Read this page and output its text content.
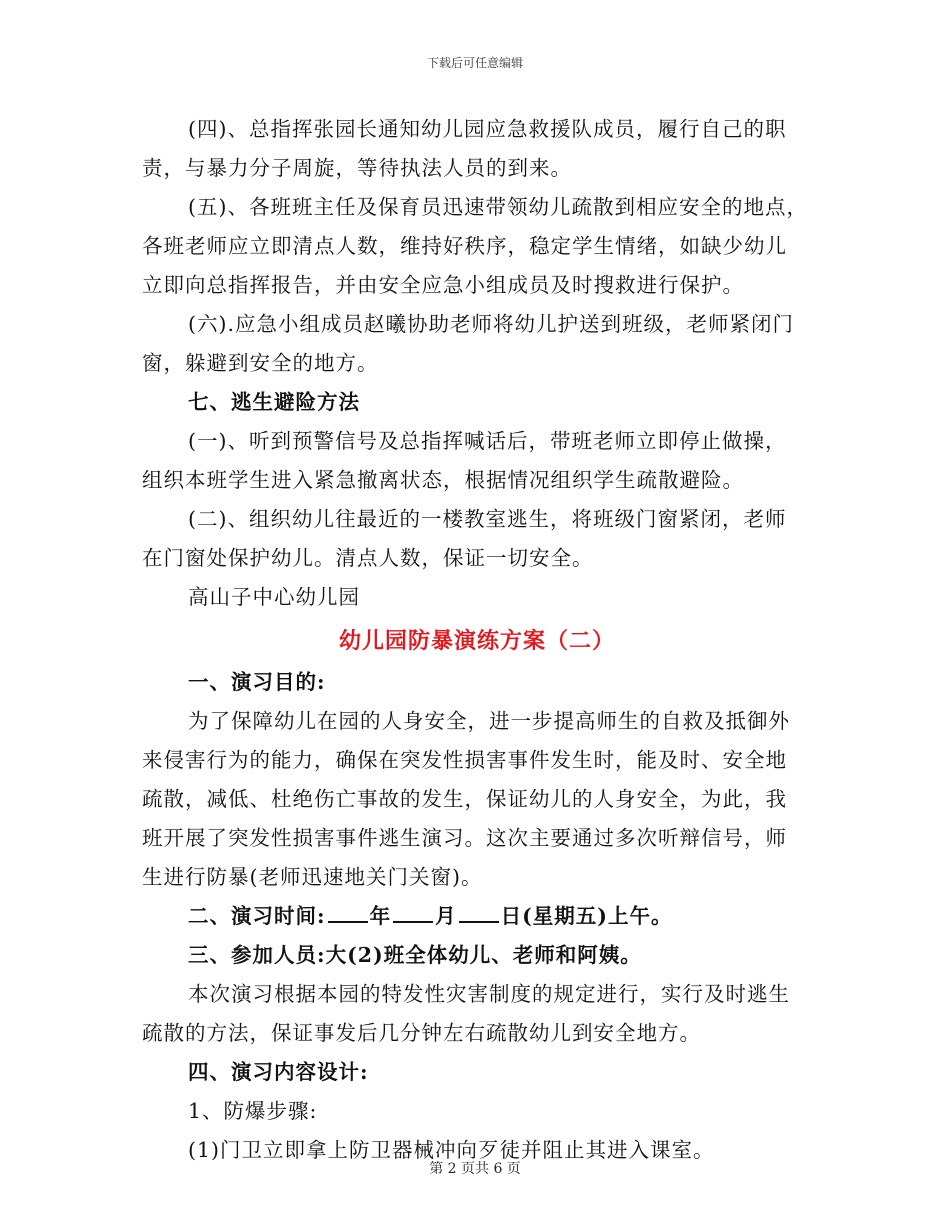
下载后可任意编辑

(四)、总指挥张园长通知幼儿园应急救援队成员，履行自己的职

责，与暴力分子周旋，等待执法人员的到来。

(五)、各班班主任及保育员迅速带领幼儿疏散到相应安全的地点，

各班老师应立即清点人数，维持好秩序，稳定学生情绪，如缺少幼儿

立即向总指挥报告，并由安全应急小组成员及时搜救进行保护。

(六).应急小组成员赵曦协助老师将幼儿护送到班级，老师紧闭门

窗，躲避到安全的地方。

七、逃生避险方法

(一)、听到预警信号及总指挥喊话后，带班老师立即停止做操，

组织本班学生进入紧急撤离状态，根据情况组织学生疏散避险。

(二)、组织幼儿往最近的一楼教室逃生，将班级门窗紧闭，老师

在门窗处保护幼儿。清点人数，保证一切安全。

高山子中心幼儿园

幼儿园防暴演练方案（二）

一、演习目的:

为了保障幼儿在园的人身安全，进一步提高师生的自救及抵御外

来侵害行为的能力，确保在突发性损害事件发生时，能及时、安全地

疏散，减低、杜绝伤亡事故的发生，保证幼儿的人身安全，为此，我

班开展了突发性损害事件逃生演习。这次主要通过多次听辩信号，师

生进行防暴(老师迅速地关门关窗)。

二、演习时间: 年 月 日(星期五)上午。

三、参加人员:大(2)班全体幼儿、老师和阿姨。

本次演习根据本园的特发性灾害制度的规定进行，实行及时逃生

疏散的方法，保证事发后几分钟左右疏散幼儿到安全地方。

四、演习内容设计:

1、防爆步骤:

(1)门卫立即拿上防卫器械冲向歹徒并阻止其进入课室。

第 2 页共 6 页
